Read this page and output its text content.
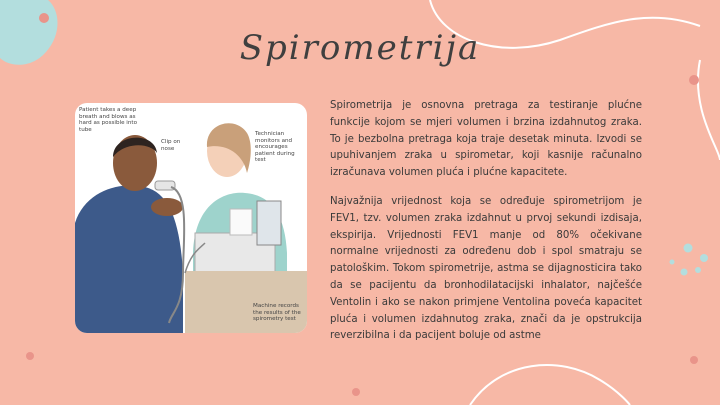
Spirometrija
Patient takes a deep breath and blows as hard as possible into tube
Clip on nose
Technician monitors and encourages patient during test
Machine records the results of the spirometry test

Spirometrija je osnovna pretraga za testiranje plućne funkcije kojom se mjeri volumen i brzina izdahnutog zraka. To je bezbolna pretraga koja traje desetak minuta. Izvodi se upuhivanjem zraka u spirometar, koji kasnije računalno izračunava volumen pluća i plućne kapacitete.

Najvažnija vrijednost koja se određuje spirometrijom je FEV1, tzv. volumen zraka izdahnut u prvoj sekundi izdisaja, ekspirija. Vrijednosti FEV1 manje od 80% očekivane normalne vrijednosti za određenu dob i spol smatraju se patološkim. Tokom spirometrije, astma se dijagnosticira tako da se pacijentu da bronhodilatacijski inhalator, najčešće Ventolin i ako se nakon primjene Ventolina poveća kapacitet pluća i volumen izdahnutog zraka, znači da je opstrukcija reverzibilna i da pacijent boluje od astme
